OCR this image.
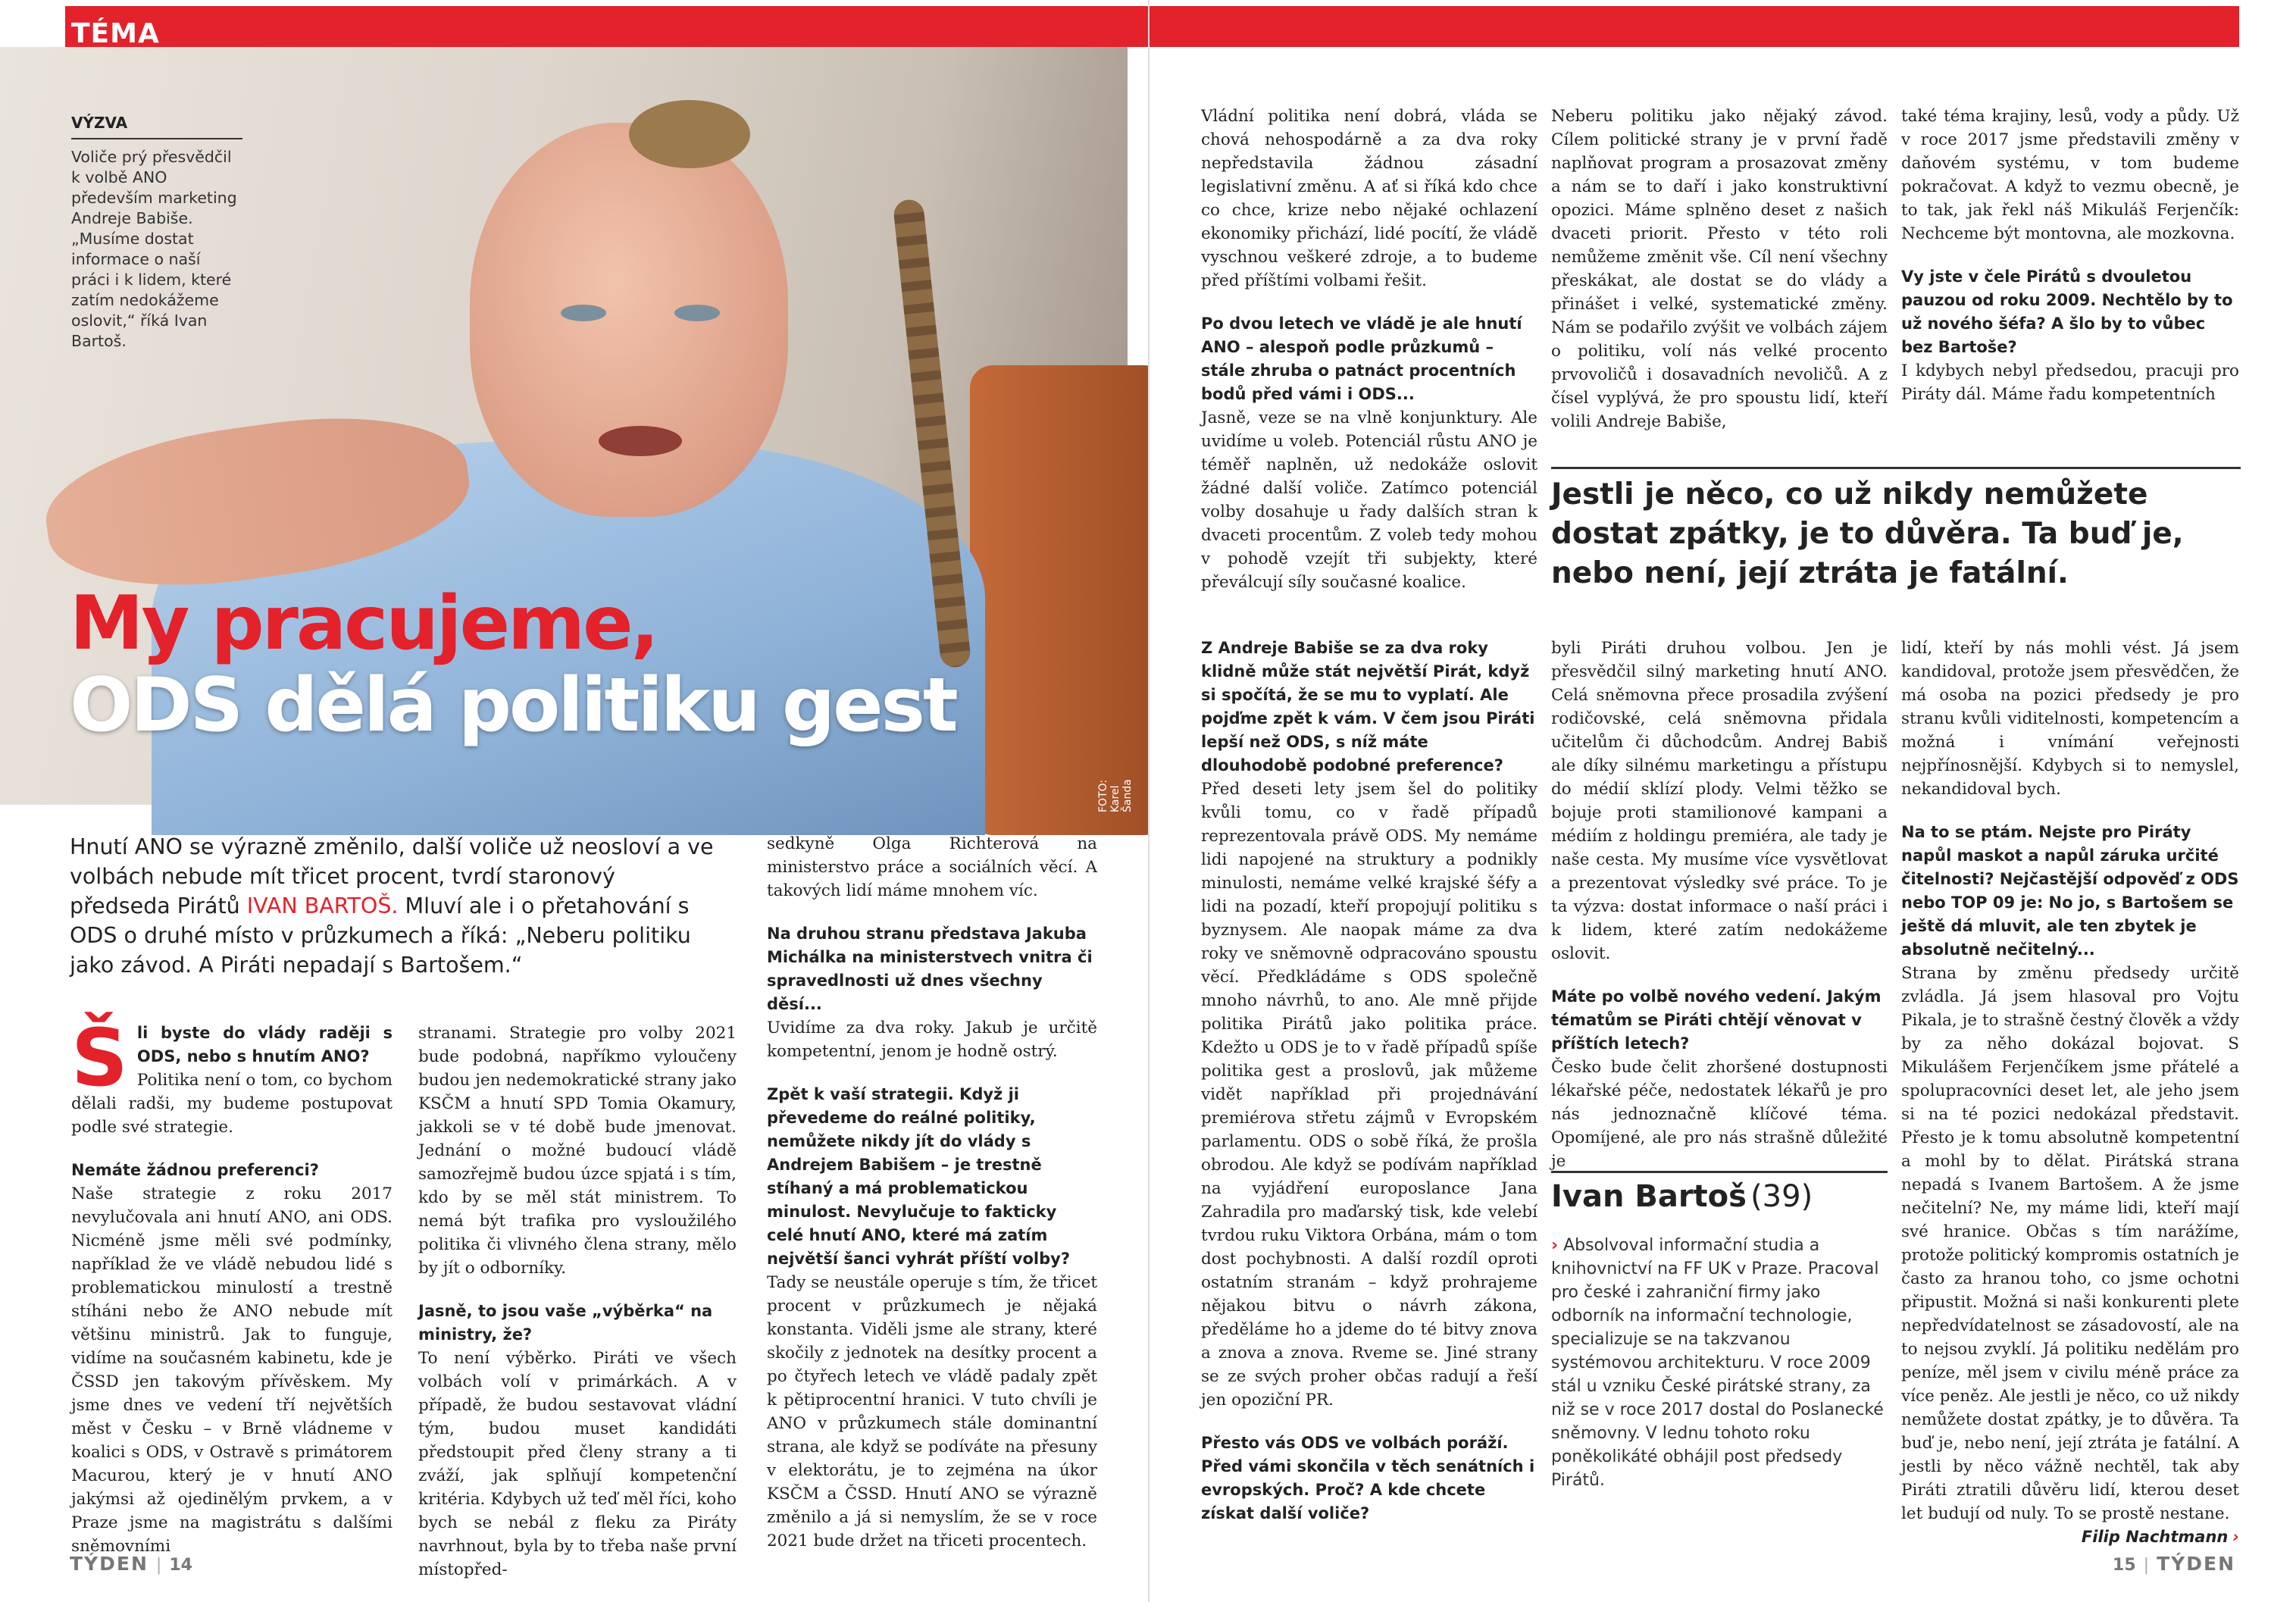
FOTO: Karel Šanda
TÉMA
VÝZVA
Voliče prý přesvědčil k volbě ANO především marketing Andreje Babiše. „Musíme dostat informace o naší práci i k lidem, které zatím nedokážeme oslovit,“ říká Ivan Bartoš.
My pracujeme,
ODS dělá politiku gest
Hnutí ANO se výrazně změnilo, další voliče už neosloví a ve volbách nebude mít třicet procent, tvrdí staronový předseda Pirátů IVAN BARTOŠ. Mluví ale i o přetahování s ODS o druhé místo v průzkumech a říká: „Neberu politiku jako závod. A Piráti nepadají s Bartošem.“

Šli byste do vlády raději s ODS, nebo s hnutím ANO?
Politika není o tom, co bychom dělali radši, my budeme postupovat podle své strategie.

Nemáte žádnou preferenci?

Naše strategie z roku 2017 nevylučovala ani hnutí ANO, ani ODS. Nicméně jsme měli své podmínky, například že ve vládě nebudou lidé s problematickou minulostí a trestně stíháni nebo že ANO nebude mít většinu ministrů. Jak to funguje, vidíme na současném kabinetu, kde je ČSSD jen takovým přívěskem. My jsme dnes ve vedení tří největších měst v Česku – v Brně vládneme v koalici s ODS, v Ostravě s primátorem Macurou, který je v hnutí ANO jakýmsi až ojedinělým prvkem, a v Praze jsme na magistrátu s dalšími sněmovními

stranami. Strategie pro volby 2021 bude podobná, napříkmo vyloučeny budou jen nedemokratické strany jako KSČM a hnutí SPD Tomia Okamury, jakkoli se v té době bude jmenovat. Jednání o možné budoucí vládě samozřejmě budou úzce spjatá i s tím, kdo by se měl stát ministrem. To nemá být trafika pro vysloužilého politika či vlivného člena strany, mělo by jít o odborníky.

Jasně, to jsou vaše „výběrka“ na ministry, že?

To není výběrko. Piráti ve všech volbách volí v primárkách. A v případě, že budou sestavovat vládní tým, budou muset kandidáti předstoupit před členy strany a ti zváží, jak splňují kompetenční kritéria. Kdybych už teď měl říci, koho bych se nebál z fleku za Piráty navrhnout, byla by to třeba naše první místopřed-

sedkyně Olga Richterová na ministerstvo práce a sociálních věcí. A takových lidí máme mnohem víc.

Na druhou stranu představa Jakuba Michálka na ministerstvech vnitra či spravedlnosti už dnes všechny děsí...

Uvidíme za dva roky. Jakub je určitě kompetentní, jenom je hodně ostrý.

Zpět k vaší strategii. Když ji převedeme do reálné politiky, nemůžete nikdy jít do vlády s Andrejem Babišem – je trestně stíhaný a má problematickou minulost. Nevylučuje to fakticky celé hnutí ANO, které má zatím největší šanci vyhrát příští volby?

Tady se neustále operuje s tím, že třicet procent v průzkumech je nějaká konstanta. Viděli jsme ale strany, které skočily z jednotek na desítky procent a po čtyřech letech ve vládě padaly zpět k pětiprocentní hranici. V tuto chvíli je ANO v průzkumech stále dominantní strana, ale když se podíváte na přesuny v elektorátu, je to zejména na úkor KSČM a ČSSD. Hnutí ANO se výrazně změnilo a já si nemyslím, že se v roce 2021 bude držet na třiceti procentech.

TÝDEN | 14

Vládní politika není dobrá, vláda se chová nehospodárně a za dva roky nepředstavila žádnou zásadní legislativní změnu. A ať si říká kdo chce co chce, krize nebo nějaké ochlazení ekonomiky přichází, lidé pocítí, že vládě vyschnou veškeré zdroje, a to budeme před příštími volbami řešit.

Po dvou letech ve vládě je ale hnutí ANO – alespoň podle průzkumů – stále zhruba o patnáct procentních bodů před vámi i ODS...

Jasně, veze se na vlně konjunktury. Ale uvidíme u voleb. Potenciál růstu ANO je téměř naplněn, už nedokáže oslovit žádné další voliče. Zatímco potenciál volby dosahuje u řady dalších stran k dvaceti procentům. Z voleb tedy mohou v pohodě vzejít tři subjekty, které převálcují síly současné koalice.

Neberu politiku jako nějaký závod. Cílem politické strany je v první řadě naplňovat program a prosazovat změny a nám se to daří i jako konstruktivní opozici. Máme splněno deset z našich dvaceti priorit. Přesto v této roli nemůžeme změnit vše. Cíl není všechny přeskákat, ale dostat se do vlády a přinášet i velké, systematické změny. Nám se podařilo zvýšit ve volbách zájem o politiku, volí nás velké procento prvovoličů i dosavadních nevoličů. A z čísel vyplývá, že pro spoustu lidí, kteří volili Andreje Babiše,

také téma krajiny, lesů, vody a půdy. Už v roce 2017 jsme představili změny v daňovém systému, v tom budeme pokračovat. A když to vezmu obecně, je to tak, jak řekl náš Mikuláš Ferjenčík: Nechceme být montovna, ale mozkovna.

Vy jste v čele Pirátů s dvouletou pauzou od roku 2009. Nechtělo by to už nového šéfa? A šlo by to vůbec bez Bartoše?

I kdybych nebyl předsedou, pracuji pro Piráty dál. Máme řadu kompetentních

Jestli je něco, co už nikdy nemůžete dostat zpátky, je to důvěra. Ta buď je, nebo není, její ztráta je fatální.

Z Andreje Babiše se za dva roky klidně může stát největší Pirát, když si spočítá, že se mu to vyplatí. Ale pojďme zpět k vám. V čem jsou Piráti lepší než ODS, s níž máte dlouhodobě podobné preference?

Před deseti lety jsem šel do politiky kvůli tomu, co v řadě případů reprezentovala právě ODS. My nemáme lidi napojené na struktury a podnikly minulosti, nemáme velké krajské šéfy a lidi na pozadí, kteří propojují politiku s byznysem. Ale naopak máme za dva roky ve sněmovně odpracováno spoustu věcí. Předkládáme s ODS společně mnoho návrhů, to ano. Ale mně přijde politika Pirátů jako politika práce. Kdežto u ODS je to v řadě případů spíše politika gest a proslovů, jak můžeme vidět například při projednávání premiérova střetu zájmů v Evropském parlamentu. ODS o sobě říká, že prošla obrodou. Ale když se podívám například na vyjádření europoslance Jana Zahradila pro maďarský tisk, kde velebí tvrdou ruku Viktora Orbána, mám o tom dost pochybnosti. A další rozdíl oproti ostatním stranám – když prohrajeme nějakou bitvu o návrh zákona, předěláme ho a jdeme do té bitvy znova a znova a znova. Rveme se. Jiné strany se ze svých proher občas radují a řeší jen opoziční PR.

Přesto vás ODS ve volbách poráží. Před vámi skončila v těch senátních i evropských. Proč? A kde chcete získat další voliče?

byli Piráti druhou volbou. Jen je přesvědčil silný marketing hnutí ANO. Celá sněmovna přece prosadila zvýšení rodičovské, celá sněmovna přidala učitelům či důchodcům. Andrej Babiš ale díky silnému marketingu a přístupu do médií sklízí plody. Velmi těžko se bojuje proti stamilionové kampani a médiím z holdingu premiéra, ale tady je naše cesta. My musíme více vysvětlovat a prezentovat výsledky své práce. To je ta výzva: dostat informace o naší práci i k lidem, které zatím nedokážeme oslovit.

Máte po volbě nového vedení. Jakým tématům se Piráti chtějí věnovat v příštích letech?

Česko bude čelit zhoršené dostupnosti lékařské péče, nedostatek lékařů je pro nás jednoznačně klíčové téma. Opomíjené, ale pro nás strašně důležité je

Ivan Bartoš (39)
› Absolvoval informační studia a knihovnictví na FF UK v Praze. Pracoval pro české i zahraniční firmy jako odborník na informační technologie, specializuje se na takzvanou systémovou architekturu. V roce 2009 stál u vzniku České pirátské strany, za niž se v roce 2017 dostal do Poslanecké sněmovny. V lednu tohoto roku poněkolikáté obhájil post předsedy Pirátů.

lidí, kteří by nás mohli vést. Já jsem kandidoval, protože jsem přesvědčen, že má osoba na pozici předsedy je pro stranu kvůli viditelnosti, kompetencím a možná i vnímání veřejnosti nejpřínosnější. Kdybych si to nemyslel, nekandidoval bych.

Na to se ptám. Nejste pro Piráty napůl maskot a napůl záruka určité čitelnosti? Nejčastější odpověď z ODS nebo TOP 09 je: No jo, s Bartošem se ještě dá mluvit, ale ten zbytek je absolutně nečitelný...

Strana by změnu předsedy určitě zvládla. Já jsem hlasoval pro Vojtu Pikala, je to strašně čestný člověk a vždy by za něho dokázal bojovat. S Mikulášem Ferjenčíkem jsme přátelé a spolupracovníci deset let, ale jeho jsem si na té pozici nedokázal představit. Přesto je k tomu absolutně kompetentní a mohl by to dělat. Pirátská strana nepadá s Ivanem Bartošem. A že jsme nečitelní? Ne, my máme lidi, kteří mají své hranice. Občas s tím narážíme, protože politický kompromis ostatních je často za hranou toho, co jsme ochotni připustit. Možná si naši konkurenti plete nepředvídatelnost se zásadovostí, ale na to nejsou zvyklí. Já politiku nedělám pro peníze, měl jsem v civilu méně práce za více peněz. Ale jestli je něco, co už nikdy nemůžete dostat zpátky, je to důvěra. Ta buď je, nebo není, její ztráta je fatální. A jestli by něco vážně nechtěl, tak aby Piráti ztratili důvěru lidí, kterou deset let budují od nuly. To se prostě nestane.
Filip Nachtmann ›

15 | TÝDEN
